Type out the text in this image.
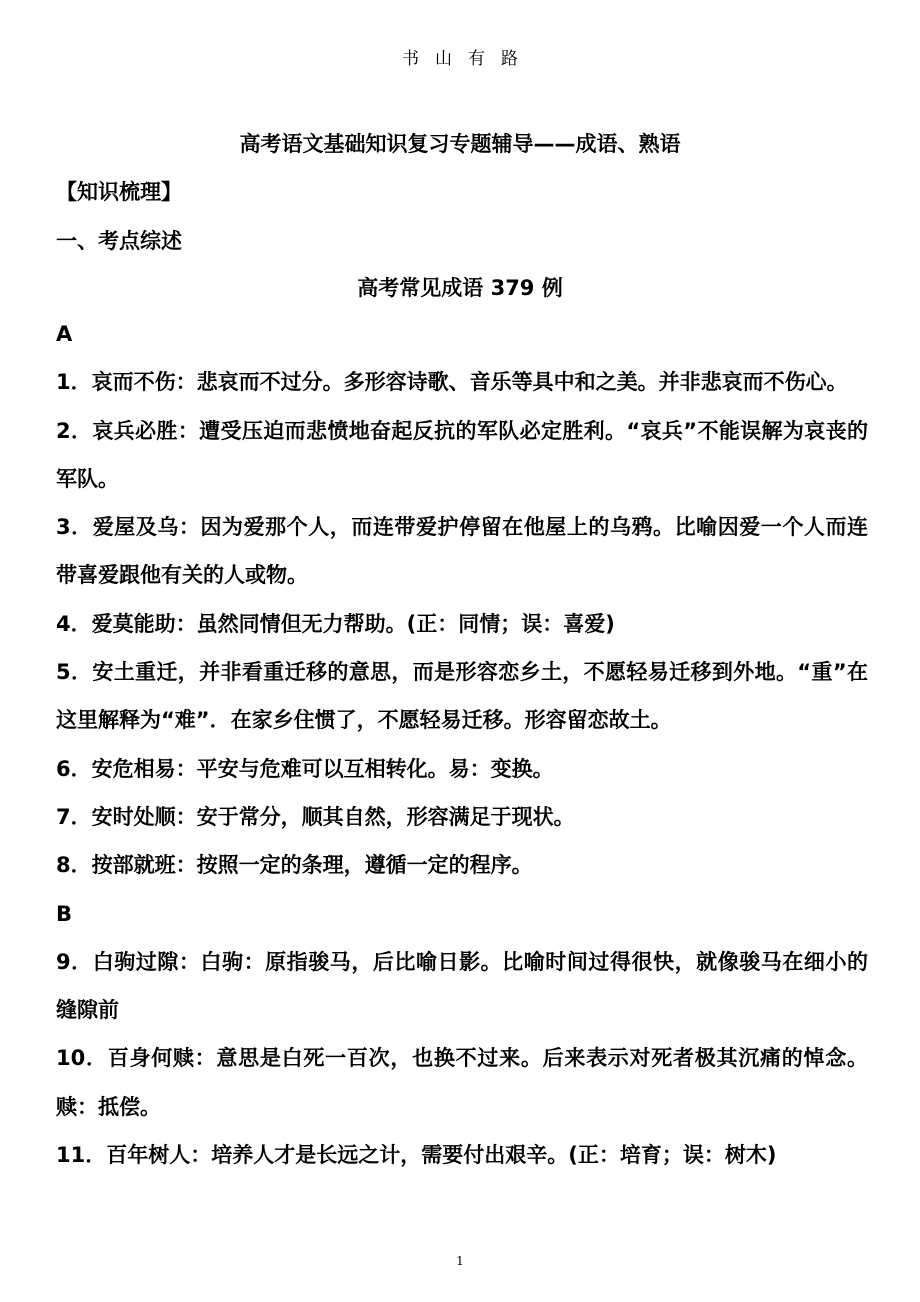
书山有路
高考语文基础知识复习专题辅导——成语、熟语
【知识梳理】
一、考点综述
高考常见成语 379 例

A

1．哀而不伤：悲哀而不过分。多形容诗歌、音乐等具中和之美。并非悲哀而不伤心。

2．哀兵必胜：遭受压迫而悲愤地奋起反抗的军队必定胜利。“哀兵”不能误解为哀丧的军队。

3．爱屋及乌：因为爱那个人，而连带爱护停留在他屋上的乌鸦。比喻因爱一个人而连带喜爱跟他有关的人或物。

4．爱莫能助：虽然同情但无力帮助。(正：同情；误：喜爱)

5．安土重迁，并非看重迁移的意思，而是形容恋乡土，不愿轻易迁移到外地。“重”在这里解释为“难”．在家乡住惯了，不愿轻易迁移。形容留恋故土。

6．安危相易：平安与危难可以互相转化。易：变换。

7．安时处顺：安于常分，顺其自然，形容满足于现状。

8．按部就班：按照一定的条理，遵循一定的程序。

B

9．白驹过隙：白驹：原指骏马，后比喻日影。比喻时间过得很快，就像骏马在细小的缝隙前

10．百身何赎：意思是白死一百次，也换不过来。后来表示对死者极其沉痛的悼念。赎：抵偿。

11．百年树人：培养人才是长远之计，需要付出艰辛。(正：培育；误：树木)

1
